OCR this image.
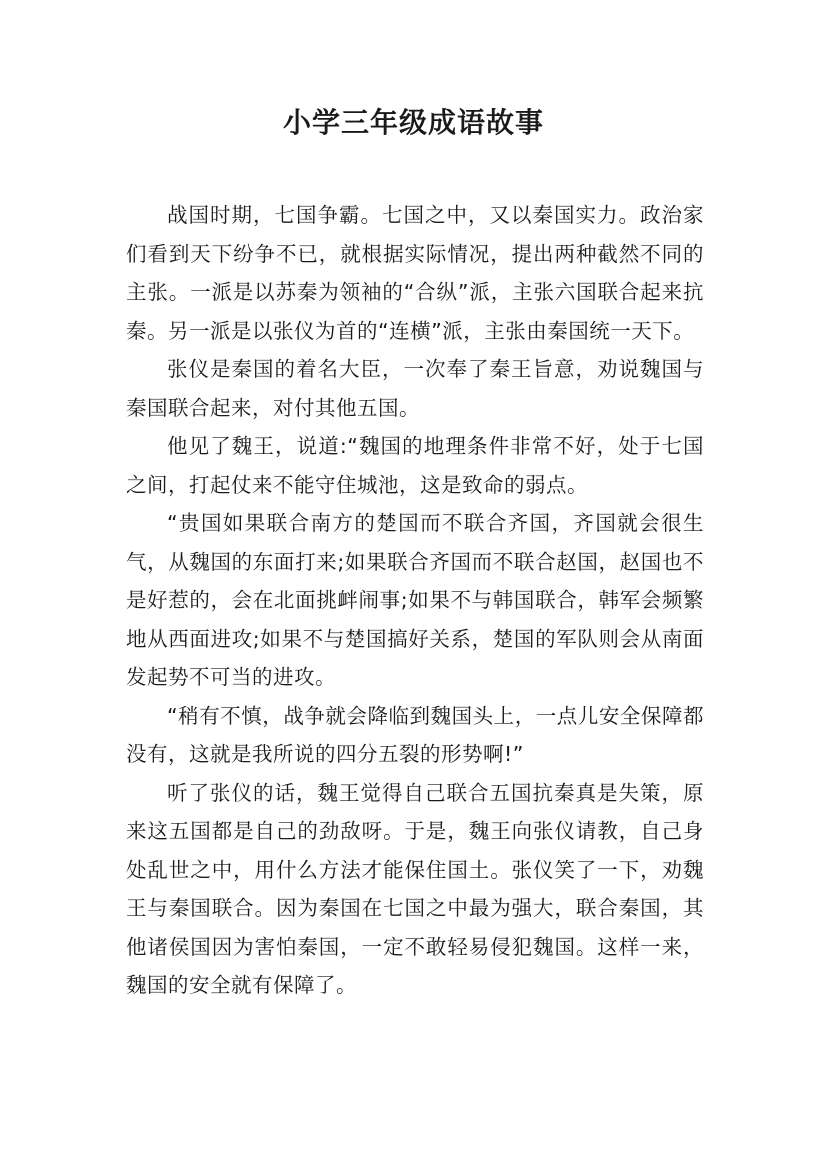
小学三年级成语故事

战国时期，七国争霸。七国之中，又以秦国实力。政治家们看到天下纷争不已，就根据实际情况，提出两种截然不同的主张。一派是以苏秦为领袖的“合纵”派，主张六国联合起来抗秦。另一派是以张仪为首的“连横”派，主张由秦国统一天下。

张仪是秦国的着名大臣，一次奉了秦王旨意，劝说魏国与秦国联合起来，对付其他五国。

他见了魏王，说道:“魏国的地理条件非常不好，处于七国之间，打起仗来不能守住城池，这是致命的弱点。

“贵国如果联合南方的楚国而不联合齐国，齐国就会很生气，从魏国的东面打来;如果联合齐国而不联合赵国，赵国也不是好惹的，会在北面挑衅闹事;如果不与韩国联合，韩军会频繁地从西面进攻;如果不与楚国搞好关系，楚国的军队则会从南面发起势不可当的进攻。

“稍有不慎，战争就会降临到魏国头上，一点儿安全保障都没有，这就是我所说的四分五裂的形势啊!”

听了张仪的话，魏王觉得自己联合五国抗秦真是失策，原来这五国都是自己的劲敌呀。于是，魏王向张仪请教，自己身处乱世之中，用什么方法才能保住国土。张仪笑了一下，劝魏王与秦国联合。因为秦国在七国之中最为强大，联合秦国，其他诸侯国因为害怕秦国，一定不敢轻易侵犯魏国。这样一来，魏国的安全就有保障了。
